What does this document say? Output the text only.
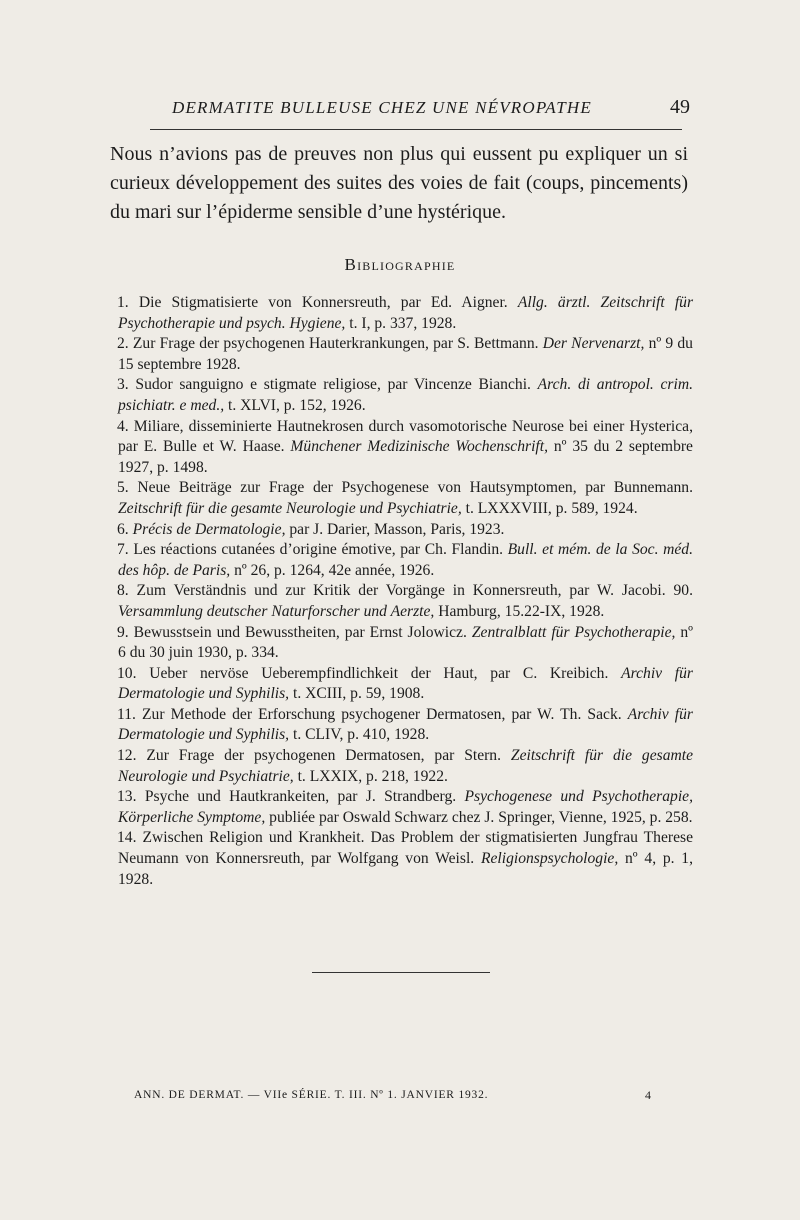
DERMATITE BULLEUSE CHEZ UNE NÉVROPATHE	49

Nous n’avions pas de preuves non plus qui eussent pu expliquer un si curieux développement des suites des voies de fait (coups, pincements) du mari sur l’épiderme sensible d’une hystérique.

Bibliographie
1. Die Stigmatisierte von Konnersreuth, par Ed. Aigner. Allg. ärztl. Zeitschrift für Psychotherapie und psych. Hygiene, t. I, p. 337, 1928.
2. Zur Frage der psychogenen Hauterkrankungen, par S. Bettmann. Der Nervenarzt, nº 9 du 15 septembre 1928.
3. Sudor sanguigno e stigmate religiose, par Vincenze Bianchi. Arch. di antropol. crim. psichiatr. e med., t. XLVI, p. 152, 1926.
4. Miliare, disseminierte Hautnekrosen durch vasomotorische Neurose bei einer Hysterica, par E. Bulle et W. Haase. Münchener Medizinische Wochenschrift, nº 35 du 2 septembre 1927, p. 1498.
5. Neue Beiträge zur Frage der Psychogenese von Hautsymptomen, par Bunnemann. Zeitschrift für die gesamte Neurologie und Psychiatrie, t. LXXXVIII, p. 589, 1924.
6. Précis de Dermatologie, par J. Darier, Masson, Paris, 1923.
7. Les réactions cutanées d’origine émotive, par Ch. Flandin. Bull. et mém. de la Soc. méd. des hôp. de Paris, nº 26, p. 1264, 42e année, 1926.
8. Zum Verständnis und zur Kritik der Vorgänge in Konnersreuth, par W. Jacobi. 90. Versammlung deutscher Naturforscher und Aerzte, Hamburg, 15.22-IX, 1928.
9. Bewusstsein und Bewusstheiten, par Ernst Jolowicz. Zentralblatt für Psychotherapie, nº 6 du 30 juin 1930, p. 334.
10. Ueber nervöse Ueberempfindlichkeit der Haut, par C. Kreibich. Archiv für Dermatologie und Syphilis, t. XCIII, p. 59, 1908.
11. Zur Methode der Erforschung psychogener Dermatosen, par W. Th. Sack. Archiv für Dermatologie und Syphilis, t. CLIV, p. 410, 1928.
12. Zur Frage der psychogenen Dermatosen, par Stern. Zeitschrift für die gesamte Neurologie und Psychiatrie, t. LXXIX, p. 218, 1922.
13. Psyche und Hautkrankeiten, par J. Strandberg. Psychogenese und Psychotherapie, Körperliche Symptome, publiée par Oswald Schwarz chez J. Springer, Vienne, 1925, p. 258.
14. Zwischen Religion und Krankheit. Das Problem der stigmatisierten Jungfrau Therese Neumann von Konnersreuth, par Wolfgang von Weisl. Religionspsychologie, nº 4, p. 1, 1928.
ANN. DE DERMAT. — VIIe SÉRIE. T. III. Nº 1. JANVIER 1932.	4
